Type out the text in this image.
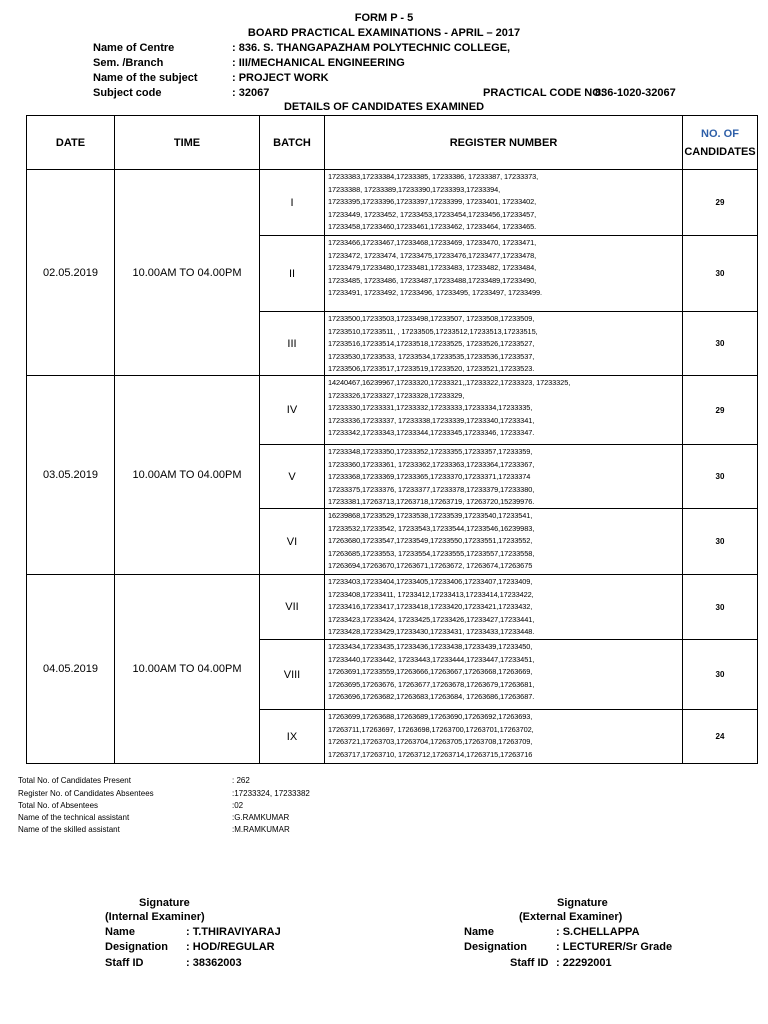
FORM P - 5
BOARD PRACTICAL EXAMINATIONS - APRIL – 2017
Name of Centre	: 836. S. THANGAPAZHAM POLYTECHNIC COLLEGE,
Sem. /Branch	: III/MECHANICAL ENGINEERING
Name of the subject	: PROJECT WORK
Subject code	: 32067	PRACTICAL CODE NO:
836-1020-32067
DETAILS OF CANDIDATES EXAMINED
DATE	TIME	BATCH	REGISTER NUMBER	NO. OF
CANDIDATES

02.05.2019	10.00AM TO 04.00PM	I	17233383,17233384,17233385, 17233386, 17233387, 17233373,
17233388, 17233389,17233390,17233393,17233394,
17233395,17233396,17233397,17233399, 17233401, 17233402,
17233449, 17233452, 17233453,17233454,17233456,17233457,
17233458,17233460,17233461,17233462, 17233464, 17233465.	29
		II	17233466,17233467,17233468,17233469, 17233470, 17233471,
17233472, 17233474, 17233475,17233476,17233477,17233478,
17233479,17233480,17233481,17233483, 17233482, 17233484,
17233485, 17233486, 17233487,17233488,17233489,17233490,
17233491, 17233492, 17233496, 17233495, 17233497, 17233499.	30
		III	17233500,17233503,17233498,17233507, 17233508,17233509,
17233510,17233511, , 17233505,17233512,17233513,17233515,
17233516,17233514,17233518,17233525, 17233526,17233527,
17233530,17233533, 17233534,17233535,17233536,17233537,
17233506,17233517,17233519,17233520, 17233521,17233523.	30
03.05.2019	10.00AM TO 04.00PM	IV	14240467,16239967,17233320,17233321,,17233322,17233323, 17233325,
17233326,17233327,17233328,17233329,
17233330,17233331,17233332,17233333,17233334,17233335,
17233336,17233337, 17233338,17233339,17233340,17233341,
17233342,17233343,17233344,17233345,17233346, 17233347.	29
		V	17233348,17233350,17233352,17233355,17233357,17233359,
17233360,17233361, 17233362,17233363,17233364,17233367,
17233368,17233369,17233365,17233370,17233371,17233374
17233375,17233376, 17233377,17233378,17233379,17233380,
17233381,17263713,17263718,17263719, 17263720,15239976.	30
		VI	16239868,17233529,17233538,17233539,17233540,17233541,
17233532,17233542, 17233543,17233544,17233546,16239983,
17263680,17233547,17233549,17233550,17233551,17233552,
17263685,17233553, 17233554,17233555,17233557,17233558,
17263694,17263670,17263671,17263672, 17263674,17263675	30
04.05.2019	10.00AM TO 04.00PM	VII	17233403,17233404,17233405,17233406,17233407,17233409,
17233408,17233411, 17233412,17233413,17233414,17233422,
17233416,17233417,17233418,17233420,17233421,17233432,
17233423,17233424, 17233425,17233426,17233427,17233441,
17233428,17233429,17233430,17233431, 17233433,17233448.	30
		VIII	17233434,17233435,17233436,17233438,17233439,17233450,
17233440,17233442, 17233443,17233444,17233447,17233451,
17263691,17233559,17263666,17263667,17263668,17263669,
17263695,17263676, 17263677,17263678,17263679,17263681,
17263696,17263682,17263683,17263684, 17263686,17263687.	30
		IX	17263699,17263688,17263689,17263690,17263692,17263693,
17263711,17263697, 17263698,17263700,17263701,17263702,
17263721,17263703,17263704,17263705,17263708,17263709,
17263717,17263710, 17263712,17263714,17263715,17263716	24
Total No. of Candidates Present	: 262
Register No. of Candidates Absentees	:17233324, 17233382
Total No. of Absentees	:02
Name of the technical assistant	:G.RAMKUMAR
Name of the skilled assistant	:M.RAMKUMAR
Signature
(Internal Examiner)
Name	: T.THIRAVIYARAJ
Designation : HOD/REGULAR
Staff ID	: 38362003
Signature
(External Examiner)
Name	: S.CHELLAPPA
Designation	: LECTURER/Sr Grade
Staff ID : 22292001
